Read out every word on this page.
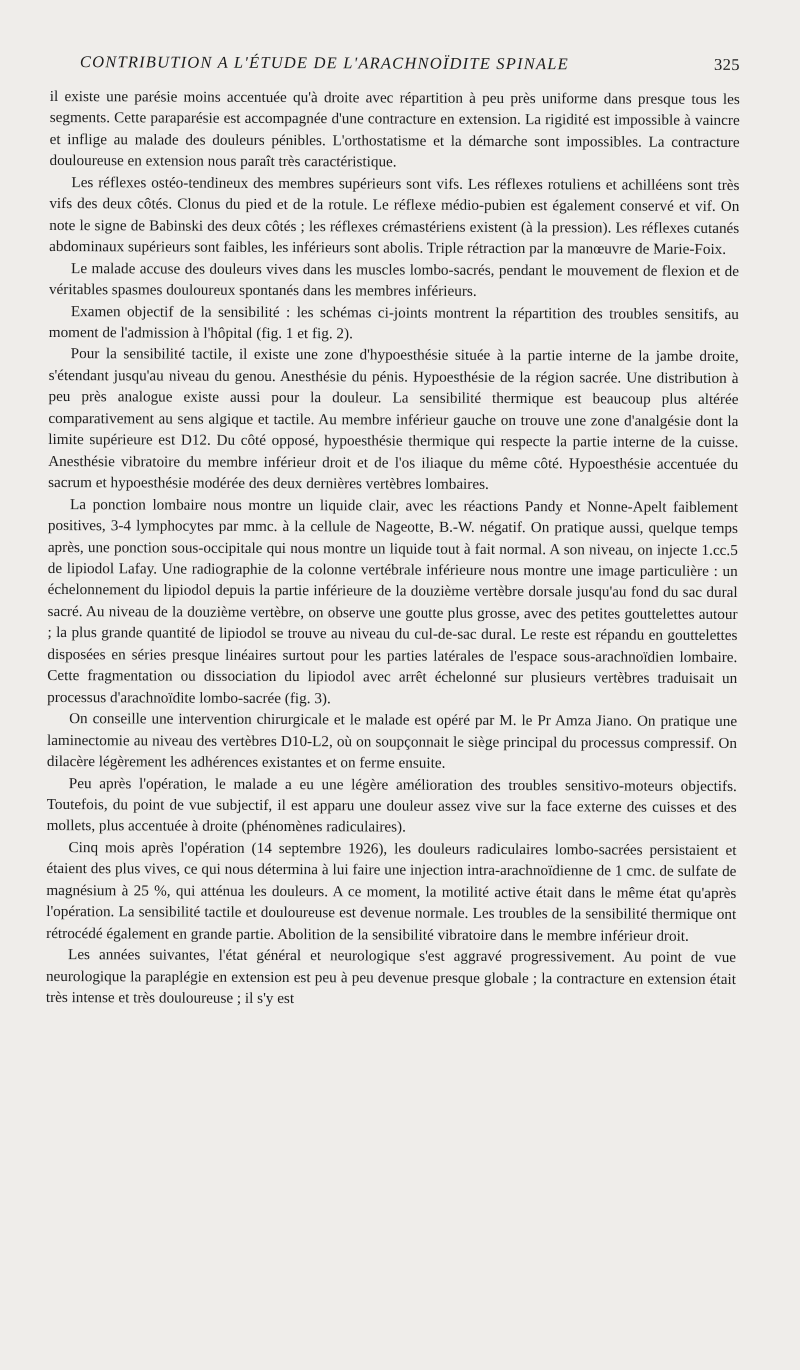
CONTRIBUTION A L'ÉTUDE DE L'ARACHNOÏDITE SPINALE	325

il existe une parésie moins accentuée qu'à droite avec répartition à peu près uniforme dans presque tous les segments. Cette paraparésie est accompagnée d'une contracture en extension. La rigidité est impossible à vaincre et inflige au malade des douleurs pénibles. L'orthostatisme et la démarche sont impossibles. La contracture douloureuse en extension nous paraît très caractéristique.

Les réflexes ostéo-tendineux des membres supérieurs sont vifs. Les réflexes rotuliens et achilléens sont très vifs des deux côtés. Clonus du pied et de la rotule. Le réflexe médio-pubien est également conservé et vif. On note le signe de Babinski des deux côtés ; les réflexes crémastériens existent (à la pression). Les réflexes cutanés abdominaux supérieurs sont faibles, les inférieurs sont abolis. Triple rétraction par la manœuvre de Marie-Foix.

Le malade accuse des douleurs vives dans les muscles lombo-sacrés, pendant le mouvement de flexion et de véritables spasmes douloureux spontanés dans les membres inférieurs.

Examen objectif de la sensibilité : les schémas ci-joints montrent la répartition des troubles sensitifs, au moment de l'admission à l'hôpital (fig. 1 et fig. 2).

Pour la sensibilité tactile, il existe une zone d'hypoesthésie située à la partie interne de la jambe droite, s'étendant jusqu'au niveau du genou. Anesthésie du pénis. Hypoesthésie de la région sacrée. Une distribution à peu près analogue existe aussi pour la douleur. La sensibilité thermique est beaucoup plus altérée comparativement au sens algique et tactile. Au membre inférieur gauche on trouve une zone d'analgésie dont la limite supérieure est D12. Du côté opposé, hypoesthésie thermique qui respecte la partie interne de la cuisse. Anesthésie vibratoire du membre inférieur droit et de l'os iliaque du même côté. Hypoesthésie accentuée du sacrum et hypoesthésie modérée des deux dernières vertèbres lombaires.

La ponction lombaire nous montre un liquide clair, avec les réactions Pandy et Nonne-Apelt faiblement positives, 3-4 lymphocytes par mmc. à la cellule de Nageotte, B.-W. négatif. On pratique aussi, quelque temps après, une ponction sous-occipitale qui nous montre un liquide tout à fait normal. A son niveau, on injecte 1.cc.5 de lipiodol Lafay. Une radiographie de la colonne vertébrale inférieure nous montre une image particulière : un échelonnement du lipiodol depuis la partie inférieure de la douzième vertèbre dorsale jusqu'au fond du sac dural sacré. Au niveau de la douzième vertèbre, on observe une goutte plus grosse, avec des petites gouttelettes autour ; la plus grande quantité de lipiodol se trouve au niveau du cul-de-sac dural. Le reste est répandu en gouttelettes disposées en séries presque linéaires surtout pour les parties latérales de l'espace sous-arachnoïdien lombaire. Cette fragmentation ou dissociation du lipiodol avec arrêt échelonné sur plusieurs vertèbres traduisait un processus d'arachnoïdite lombo-sacrée (fig. 3).

On conseille une intervention chirurgicale et le malade est opéré par M. le Pr Amza Jiano. On pratique une laminectomie au niveau des vertèbres D10-L2, où on soupçonnait le siège principal du processus compressif. On dilacère légèrement les adhérences existantes et on ferme ensuite.

Peu après l'opération, le malade a eu une légère amélioration des troubles sensitivo-moteurs objectifs. Toutefois, du point de vue subjectif, il est apparu une douleur assez vive sur la face externe des cuisses et des mollets, plus accentuée à droite (phénomènes radiculaires).

Cinq mois après l'opération (14 septembre 1926), les douleurs radiculaires lombo-sacrées persistaient et étaient des plus vives, ce qui nous détermina à lui faire une injection intra-arachnoïdienne de 1 cmc. de sulfate de magnésium à 25 %, qui atténua les douleurs. A ce moment, la motilité active était dans le même état qu'après l'opération. La sensibilité tactile et douloureuse est devenue normale. Les troubles de la sensibilité thermique ont rétrocédé également en grande partie. Abolition de la sensibilité vibratoire dans le membre inférieur droit.

Les années suivantes, l'état général et neurologique s'est aggravé progressivement. Au point de vue neurologique la paraplégie en extension est peu à peu devenue presque globale ; la contracture en extension était très intense et très douloureuse ; il s'y est
